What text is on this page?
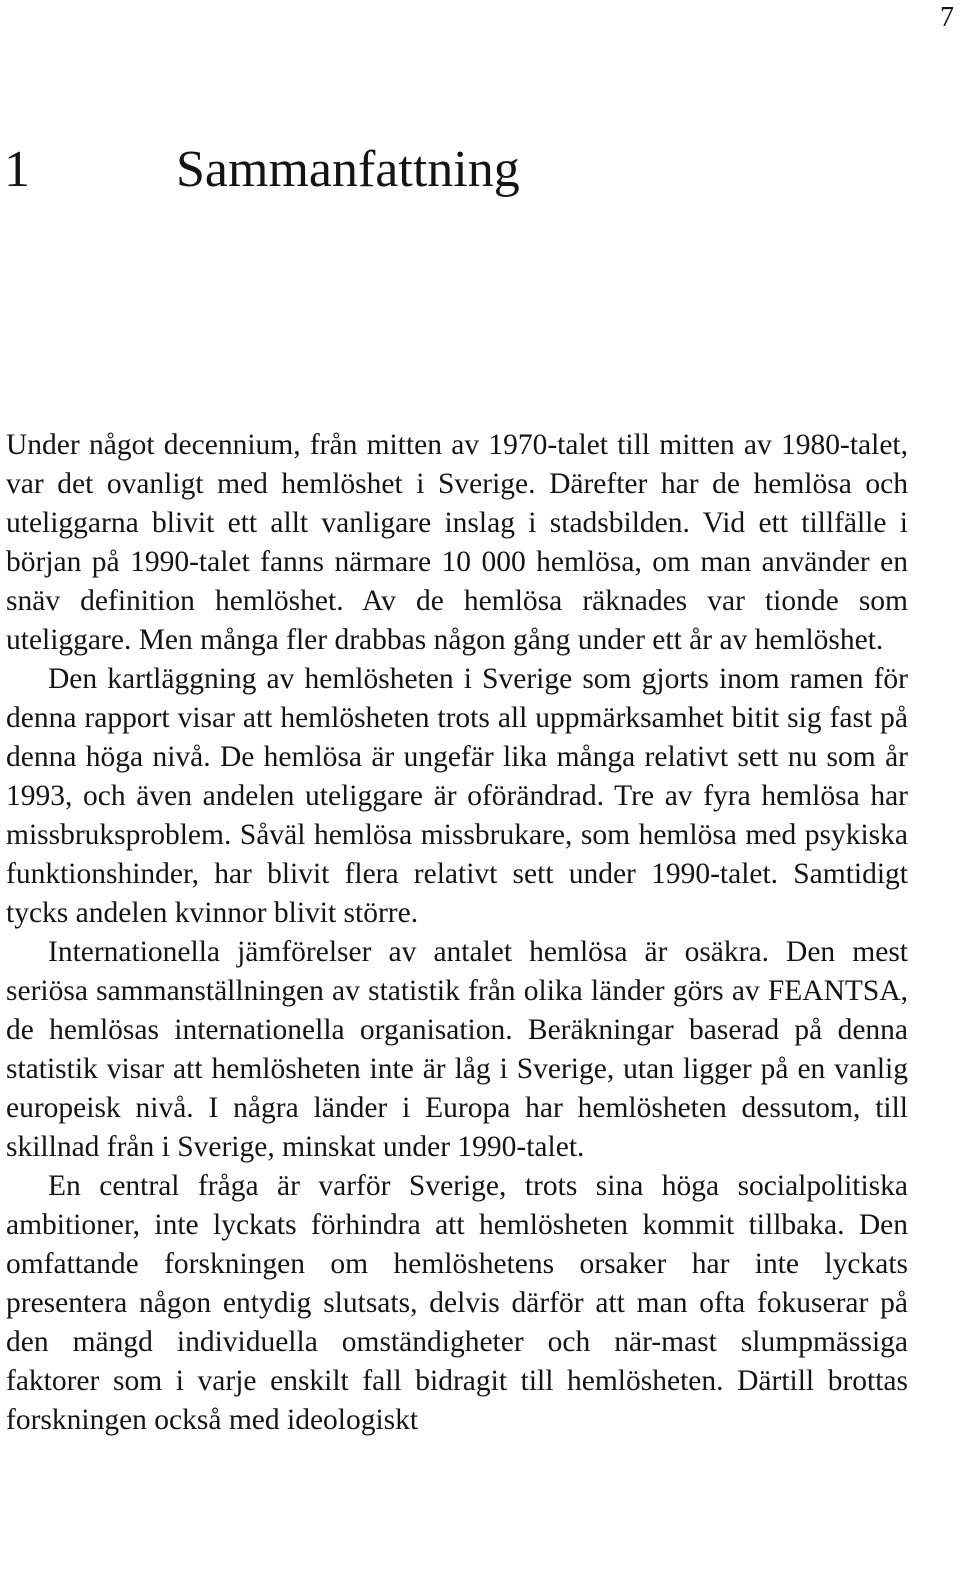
7
1	Sammanfattning

Under något decennium, från mitten av 1970-talet till mitten av 1980-talet, var det ovanligt med hemlöshet i Sverige. Därefter har de hemlösa och uteliggarna blivit ett allt vanligare inslag i stadsbilden. Vid ett tillfälle i början på 1990-talet fanns närmare 10 000 hemlösa, om man använder en snäv definition hemlöshet. Av de hemlösa räknades var tionde som uteliggare. Men många fler drabbas någon gång under ett år av hemlöshet.

Den kartläggning av hemlösheten i Sverige som gjorts inom ramen för denna rapport visar att hemlösheten trots all uppmärksamhet bitit sig fast på denna höga nivå. De hemlösa är ungefär lika många relativt sett nu som år 1993, och även andelen uteliggare är oförändrad. Tre av fyra hemlösa har missbruksproblem. Såväl hemlösa missbrukare, som hemlösa med psykiska funktionshinder, har blivit flera relativt sett under 1990-talet. Samtidigt tycks andelen kvinnor blivit större.

Internationella jämförelser av antalet hemlösa är osäkra. Den mest seriösa sammanställningen av statistik från olika länder görs av FEANTSA, de hemlösas internationella organisation. Beräkningar baserad på denna statistik visar att hemlösheten inte är låg i Sverige, utan ligger på en vanlig europeisk nivå. I några länder i Europa har hemlösheten dessutom, till skillnad från i Sverige, minskat under 1990-talet.

En central fråga är varför Sverige, trots sina höga socialpolitiska ambitioner, inte lyckats förhindra att hemlösheten kommit tillbaka. Den omfattande forskningen om hemlöshetens orsaker har inte lyckats presentera någon entydig slutsats, delvis därför att man ofta fokuserar på den mängd individuella omständigheter och när-mast slumpmässiga faktorer som i varje enskilt fall bidragit till hemlösheten. Därtill brottas forskningen också med ideologiskt
